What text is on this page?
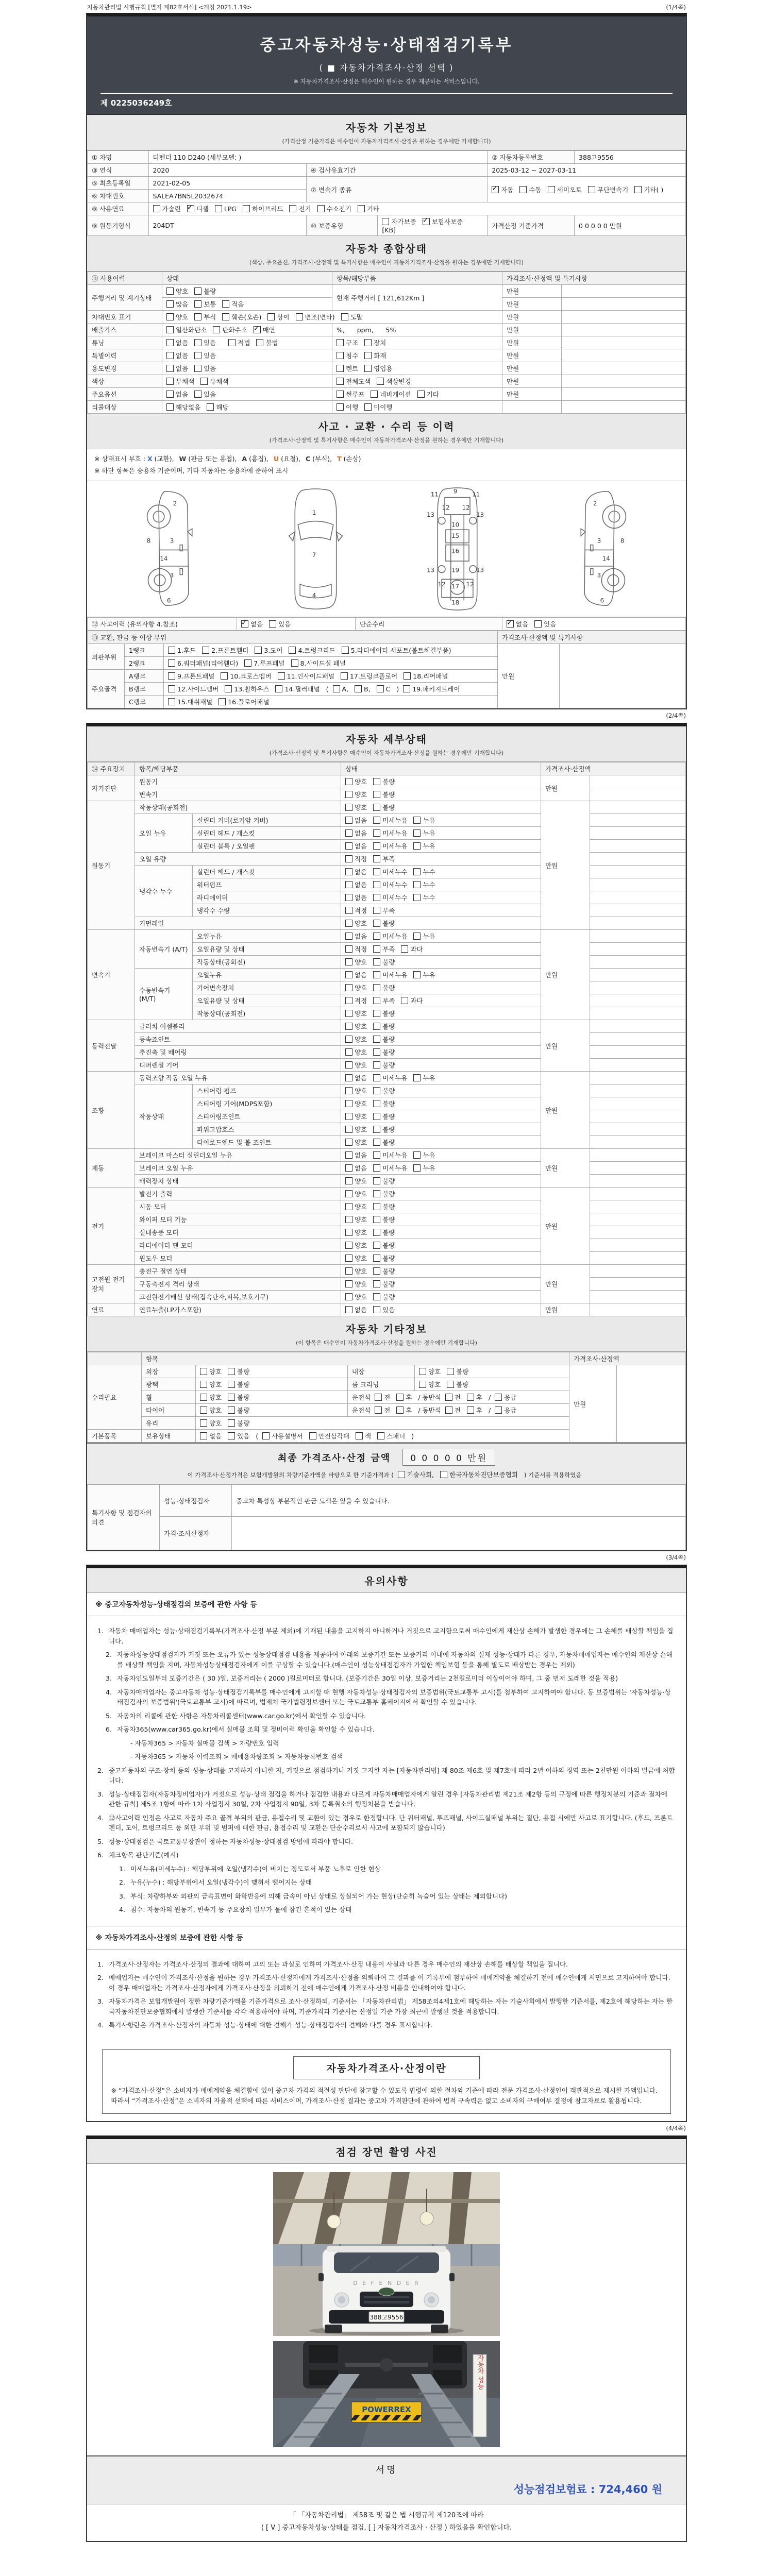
자동차관리법 시행규칙 [별지 제82호서식] <개정 2021.1.19>	(1/4쪽)
중고자동차성능·상태점검기록부
( ■ 자동차가격조사·산정 선택 )
※ 자동차가격조사·산정은 매수인이 원하는 경우 제공하는 서비스입니다.
제 0225036249호
자동차 기본정보
(가격산정 기준가격은 매수인이 자동차가격조사·산정을 원하는 경우에만 기재합니다)
① 차명	디펜더 110 D240 (세부모델: )			② 자동차등록번호	388고9556
③ 연식	2020	④ 검사유효기간		2025-03-12 ~ 2027-03-11	
⑤ 최초등록일	2021-02-05	⑦ 변속기 종류	✓자동 수동 세미오토 무단변속기 기타( )
⑥ 차대번호	SALEA7BN5L2032674				
⑧ 사용연료	가솔린 ✓ 디젤 LPG 하이브리드 전기 수소전기 기타
⑨ 원동기형식	204DT	⑩ 보증유형	자가보증 ✓ 보험사보증[KB]	가격산정 기준가격	0 0 0 0 0 만원
자동차 종합상태
(색상, 주요옵션, 가격조사·산정액 및 특기사항은 매수인이 자동차가격조사·산정을 원하는 경우에만 기재합니다)
⑪ 사용이력	상태	항목/해당부품	가격조사·산정액 및 특기사항	
주행거리 및 계기상태	양호 불량	현재 주행거리 [ 121,612Km ]	만원	
	많음 보통 적음		만원	
차대번호 표기	양호 부식 훼손(오손) 상이 변조(변타) 도말		만원	
배출가스	일산화탄소 탄화수소 ✓ 매연	%,      ppm,      5%	만원	
튜닝	없음 있음 적법 불법	구조 장치	만원	
특별이력	없음 있음	침수 화재	만원	
용도변경	없음 있음	렌트 영업용	만원	
색상	무채색 유채색	전체도색 색상변경	만원	
주요옵션	없음 있음	썬루프 네비게이션 기타	만원	
리콜대상	해당없음 해당	이행 미이행		
사고 · 교환 · 수리 등 이력
(가격조사·산정액 및 특기사항은 매수인이 자동차가격조사·산정을 원하는 경우에만 기재합니다)
※ 상태표시 부호 : X (교환), W (판금 또는 용접), A (흠집), U (요철), C (부식), T (손상)
※ 하단 항목은 승용차 기준이며, 기타 자동차는 승용차에 준하여 표시
2
8	3
14
3
6
1
7
4
9
11	11
12 12
13	13
10
15
16
13	19	13
12 17 12
18
2
3	8
14
3
6
⑫ 사고이력 (유의사항 4.참조)	✓없음 있음	단순수리	✓없음 있음
⑬ 교환, 판금 등 이상 부위			가격조사·산정액 및 특기사항	
외판부위	1랭크	1.후드 2.프론트휀더 3.도어 4.트렁크리드 5.라디에이터 서포트(볼트체결부품)	만원	
	2랭크	6.쿼터패널(리어휀다) 7.루프패널 8.사이드실 패널		
주요골격	A랭크	9.프론트패널 10.크로스멤버 11.인사이드패널 17.트렁크플로어 18.리어패널		
	B랭크	12.사이드멤버 13.휠하우스 14.필러패널 ( A, B, C ) 19.패키지트레이		
	C랭크	15.대쉬패널 16.플로어패널		
(2/4쪽)
자동차 세부상태
(가격조사·산정액 및 특기사항은 매수인이 자동차가격조사·산정을 원하는 경우에만 기재합니다)
⑭ 주요장치	항목/해당부품		상태	가격조사·산정액	
자기진단	원동기		양호 불량	만원	
	변속기		양호 불량		
원동기	작동상태(공회전)		양호 불량	만원	
	오일 누유	실린더 커버(로커암 커버)	없음 미세누유 누유		
		실린더 헤드 / 개스킷	없음 미세누유 누유		
		실린더 블록 / 오일팬	없음 미세누유 누유		
	오일 유량		적정 부족		
	냉각수 누수	실린더 헤드 / 개스킷	없음 미세누수 누수		
		워터펌프	없음 미세누수 누수		
		라디에이터	없음 미세누수 누수		
		냉각수 수량	적정 부족		
	커먼레일		양호 불량		
변속기	자동변속기 (A/T)	오일누유	없음 미세누유 누유	만원	
		오일유량 및 상태	적정 부족 과다		
		작동상태(공회전)	양호 불량		
	수동변속기 (M/T)	오일누유	없음 미세누유 누유		
		기어변속장치	양호 불량		
		오일유량 및 상태	적정 부족 과다		
		작동상태(공회전)	양호 불량		
동력전달	클러치 어셈블리		양호 불량	만원	
	등속죠인트		양호 불량		
	추진축 및 베어링		양호 불량		
	디퍼렌셜 기어		양호 불량		
조향	동력조향 작동 오일 누유		없음 미세누유 누유	만원	
	작동상태	스티어링 펌프	양호 불량		
		스티어링 기어(MDPS포함)	양호 불량		
		스티어링조인트	양호 불량		
		파워고압호스	양호 불량		
		타이로드엔드 및 볼 조인트	양호 불량		
제동	브레이크 마스터 실린더오일 누유		없음 미세누유 누유	만원	
	브레이크 오일 누유		없음 미세누유 누유		
	배력장치 상태		양호 불량		
전기	발전기 출력		양호 불량	만원	
	시동 모터		양호 불량		
	와이퍼 모터 기능		양호 불량		
	실내송풍 모터		양호 불량		
	라디에이터 팬 모터		양호 불량		
	윈도우 모터		양호 불량		
고전원 전기장치	충전구 절연 상태		양호 불량	만원	
	구동축전지 격리 상태		양호 불량		
	고전원전기배선 상태(접속단자,피복,보호기구)		양호 불량		
연료	연료누출(LP가스포함)		없음 있음	만원	
자동차 기타정보
(이 항목은 매수인이 자동차가격조사·산정을 원하는 경우에만 기재합니다)
	항목				가격조사·산정액	
수리필요	외장	양호 불량	내장	양호 불량	만원	
	광택	양호 불량	룸 크리닝	양호 불량		
	휠	양호 불량	운전석 전 후 / 동반석 전 후 / 응급			
	타이어	양호 불량	운전석 전 후 / 동반석 전 후 / 응급			
	유리	양호 불량				
기본품목	보유상태	없음 있음 ( 사용설명서 안전삼각대 잭 스패너 )				
최종 가격조사·산정 금액 0 0 0 0 0 만원
이 가격조사·산정가격은 보험개발원의 차량기준가액을 바탕으로 한 기준가격과 ( 기술사회, 한국자동차진단보증협회 ) 기준서를 적용하였음
특기사항 및 점검자의 의견	성능·상태점검자	중고차 특성상 부분적인 판금 도색은 있을 수 있습니다.
	가격·조사산정자	
(3/4쪽)
유의사항
※ 중고자동차성능·상태점검의 보증에 관한 사항 등
1. 자동차 매매업자는 성능·상태점검기록부(가격조사·산정 부분 제외)에 기재된 내용을 고지하지 아니하거나 거짓으로 고지함으로써 매수인에게 재산상 손해가 발생한 경우에는 그 손해를 배상할 책임을 집니다.
2. 자동차성능상태점검자가 거짓 또는 오류가 있는 성능상태점검 내용을 제공하여 아래의 보증기간 또는 보증거리 이내에 자동차의 실제 성능·상태가 다른 경우, 자동차매매업자는 매수인의 재산상 손해를 배상할 책임을 지며, 자동차성능상태점검자에게 이를 구상할 수 있습니다.(매수인이 성능상태점검자가 가입한 책임보험 등을 통해 별도로 배상받는 경우는 제외)
3. 자동차인도일부터 보증기간은 ( 30 )일, 보증거리는 ( 2000 )킬로미터로 합니다. (보증기간은 30일 이상, 보증거리는 2천킬로미터 이상이어야 하며, 그 중 먼저 도래한 것을 적용)
4. 자동차매매업자는 중고자동차 성능·상태점검기록부를 매수인에게 고지할 때 현행 자동차성능·상태점검자의 보증범위(국토교통부 고시)를 첨부하여 고지하여야 합니다. 동 보증범위는 '자동차성능·상태점검자의 보증범위'(국토교통부 고시)에 따르며, 법제처 국가법령정보센터 또는 국토교통부 홈페이지에서 확인할 수 있습니다.
5. 자동차의 리콜에 관한 사항은 자동차리콜센터(www.car.go.kr)에서 확인할 수 있습니다.
6. 자동차365(www.car365.go.kr)에서 실매물 조회 및 정비이력 확인을 확인할 수 있습니다.
- 자동차365 > 자동차 실매물 검색 > 차량번호 입력
- 자동차365 > 자동차 이력조회 > 매매용차량조회 > 자동차등록번호 검색
2. 중고자동차의 구조·장치 등의 성능·상태를 고지하지 아니한 자, 거짓으로 점검하거나 거짓 고지한 자는 [자동차관리법] 제 80조 제6호 및 제7호에 따라 2년 이하의 징역 또는 2천만원 이하의 벌금에 처합니다.
3. 성능·상태점검자(자동차정비업자)가 거짓으로 성능·상태 점검을 하거나 점검한 내용과 다르게 자동차매매업자에게 알린 경우 [자동차관리법 제21조 제2항 등의 규정에 따른 행정처분의 기준과 절차에 관한 규칙] 제5조 1항에 따라 1차 사업정지 30일, 2차 사업정지 90일, 3차 등록취소의 행정처분을 받습니다.
4. ⑫사고이력 인정은 사고로 자동차 주요 골격 부위의 판금, 용접수리 및 교환이 있는 경우로 한정합니다. 단 쿼터패널, 루프패널, 사이드실패널 부위는 절단, 용접 시에만 사고로 표기합니다. (후드, 프론트펜더, 도어, 트렁크리드 등 외판 부위 및 범퍼에 대한 판금, 용접수리 및 교환은 단순수리로서 사고에 포함되지 않습니다)
5. 성능·상태점검은 국토교통부장관이 정하는 자동차성능·상태점검 방법에 따라야 합니다.
6. 체크항목 판단기준(예시)
1. 미세누유(미세누수) : 해당부위에 오일(냉각수)이 비치는 정도로서 부품 노후로 인한 현상
2. 누유(누수) : 해당부위에서 오일(냉각수)이 맺혀서 떨어지는 상태
3. 부식: 차량하부와 외판의 금속표면이 화학반응에 의해 금속이 아닌 상태로 상실되어 가는 현상(단순히 녹슬어 있는 상태는 제외합니다)
4. 침수: 자동차의 원동기, 변속기 등 주요장치 일부가 물에 잠긴 흔적이 있는 상태
※ 자동차가격조사·산정의 보증에 관한 사항 등
1. 가격조사·산정자는 가격조사·산정의 결과에 대하여 고의 또는 과실로 인하여 가격조사·산정 내용이 사실과 다른 경우 매수인의 재산상 손해를 배상할 책임을 집니다.
2. 매매업자는 매수인이 가격조사·산정을 원하는 경우 가격조사·산정자에게 가격조사·산정을 의뢰하여 그 결과를 이 기록부에 첨부하여 매매계약을 체결하기 전에 매수인에게 서면으로 고지하여야 합니다. 이 경우 매매업자는 가격조사·산정자에게 가격조사·산정을 의뢰하기 전에 매수인에게 가격조사·산정 비용을 안내하여야 합니다.
3. 자동차가격은 보험개발원이 정한 차량기준가액을 기준가격으로 조사·산정하되, 기준서는 「자동차관리법」 제58조의4제1호에 해당하는 자는 기술사회에서 발행한 기준서를, 제2호에 해당하는 자는 한국자동차진단보증협회에서 발행한 기준서를 각각 적용하여야 하며, 기준가격과 기준서는 산정일 기준 가장 최근에 발행된 것을 적용합니다.
4. 특기사항란은 가격조사·산정자의 자동차 성능·상태에 대한 견해가 성능·상태점검자의 견해와 다를 경우 표시합니다.
자동차가격조사·산정이란
※ “가격조사·산정”은 소비자가 매매계약을 체결함에 있어 중고차 가격의 적절성 판단에 참고할 수 있도록 법령에 의한 절차와 기준에 따라 전문 가격조사·산정인이 객관적으로 제시한 가액입니다. 따라서 “가격조사·산정”은 소비자의 자율적 선택에 따른 서비스이며, 가격조사·산정 결과는 중고차 가격판단에 관하여 법적 구속력은 없고 소비자의 구매여부 결정에 참고자료로 활용됩니다.
(4/4쪽)
점검 장면 촬영 사진
D E F E N D E R
388고9556
POWERREX
자동차 성능
서명
성능점검보험료 : 724,460 원
「 「자동차관리법」 제58조 및 같은 법 시행규칙 제120조에 따라
( [ V ] 중고자동차성능·상태를 점검, [ ] 자동차가격조사 · 산정 ) 하였음을 확인합니다.
